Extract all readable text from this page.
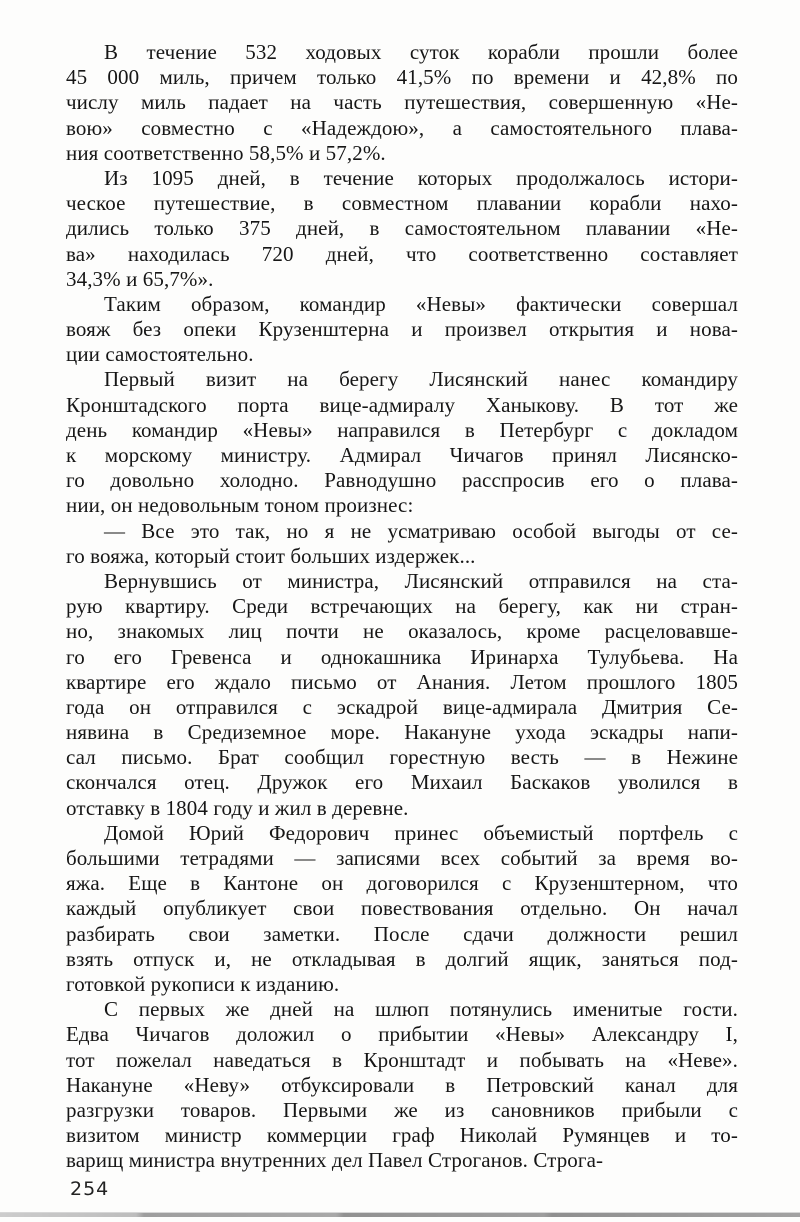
В течение 532 ходовых суток корабли прошли более
45 000 миль, причем только 41,5% по времени и 42,8% по
числу миль падает на часть путешествия, совершенную «Не-
вою» совместно с «Надеждою», а самостоятельного плава-
ния соответственно 58,5% и 57,2%.
Из 1095 дней, в течение которых продолжалось истори-
ческое путешествие, в совместном плавании корабли нахо-
дились только 375 дней, в самостоятельном плавании «Не-
ва» находилась 720 дней, что соответственно составляет
34,3% и 65,7%».
Таким образом, командир «Невы» фактически совершал
вояж без опеки Крузенштерна и произвел открытия и нова-
ции самостоятельно.
Первый визит на берегу Лисянский нанес командиру
Кронштадского порта вице-адмиралу Ханыкову. В тот же
день командир «Невы» направился в Петербург с докладом
к морскому министру. Адмирал Чичагов принял Лисянско-
го довольно холодно. Равнодушно расспросив его о плава-
нии, он недовольным тоном произнес:
— Все это так, но я не усматриваю особой выгоды от се-
го вояжа, который стоит больших издержек...
Вернувшись от министра, Лисянский отправился на ста-
рую квартиру. Среди встречающих на берегу, как ни стран-
но, знакомых лиц почти не оказалось, кроме расцеловавше-
го его Гревенса и однокашника Иринарха Тулубьева. На
квартире его ждало письмо от Анания. Летом прошлого 1805
года он отправился с эскадрой вице-адмирала Дмитрия Се-
нявина в Средиземное море. Накануне ухода эскадры напи-
сал письмо. Брат сообщил горестную весть — в Нежине
скончался отец. Дружок его Михаил Баскаков уволился в
отставку в 1804 году и жил в деревне.
Домой Юрий Федорович принес объемистый портфель с
большими тетрадями — записями всех событий за время во-
яжа. Еще в Кантоне он договорился с Крузенштерном, что
каждый опубликует свои повествования отдельно. Он начал
разбирать свои заметки. После сдачи должности решил
взять отпуск и, не откладывая в долгий ящик, заняться под-
готовкой рукописи к изданию.
С первых же дней на шлюп потянулись именитые гости.
Едва Чичагов доложил о прибытии «Невы» Александру I,
тот пожелал наведаться в Кронштадт и побывать на «Неве».
Накануне «Неву» отбуксировали в Петровский канал для
разгрузки товаров. Первыми же из сановников прибыли с
визитом министр коммерции граф Николай Румянцев и то-
варищ министра внутренних дел Павел Строганов. Строга-
254
